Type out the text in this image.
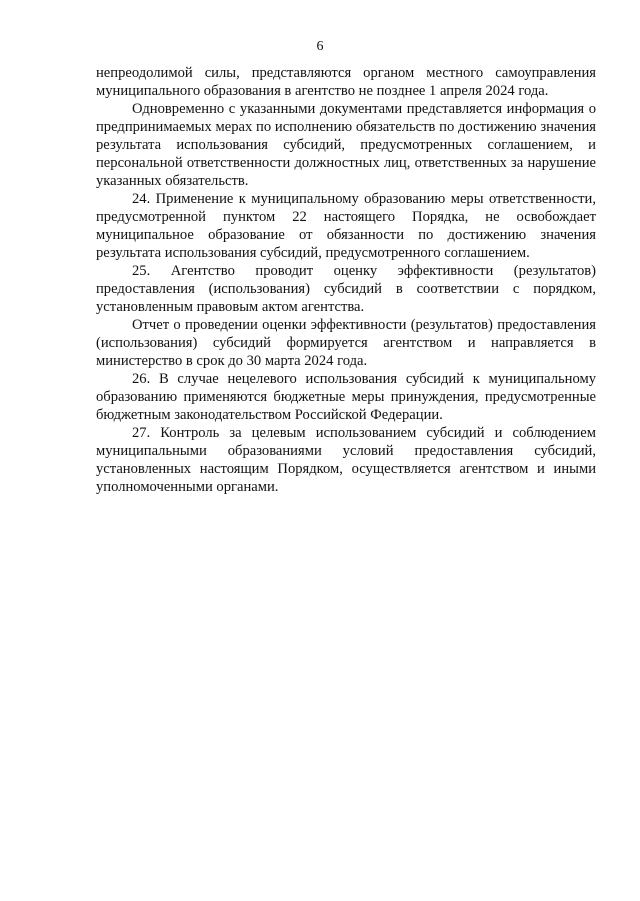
6

непреодолимой силы, представляются органом местного самоуправления муниципального образования в агентство не позднее 1 апреля 2024 года.

Одновременно с указанными документами представляется информация о предпринимаемых мерах по исполнению обязательств по достижению значения результата использования субсидий, предусмотренных соглашением, и персональной ответственности должностных лиц, ответственных за нарушение указанных обязательств.

24. Применение к муниципальному образованию меры ответственности, предусмотренной пунктом 22 настоящего Порядка, не освобождает муниципальное образование от обязанности по достижению значения результата использования субсидий, предусмотренного соглашением.

25. Агентство проводит оценку эффективности (результатов) предоставления (использования) субсидий в соответствии с порядком, установленным правовым актом агентства.

Отчет о проведении оценки эффективности (результатов) предоставления (использования) субсидий формируется агентством и направляется в министерство в срок до 30 марта 2024 года.

26. В случае нецелевого использования субсидий к муниципальному образованию применяются бюджетные меры принуждения, предусмотренные бюджетным законодательством Российской Федерации.

27. Контроль за целевым использованием субсидий и соблюдением муниципальными образованиями условий предоставления субсидий, установленных настоящим Порядком, осуществляется агентством и иными уполномоченными органами.
